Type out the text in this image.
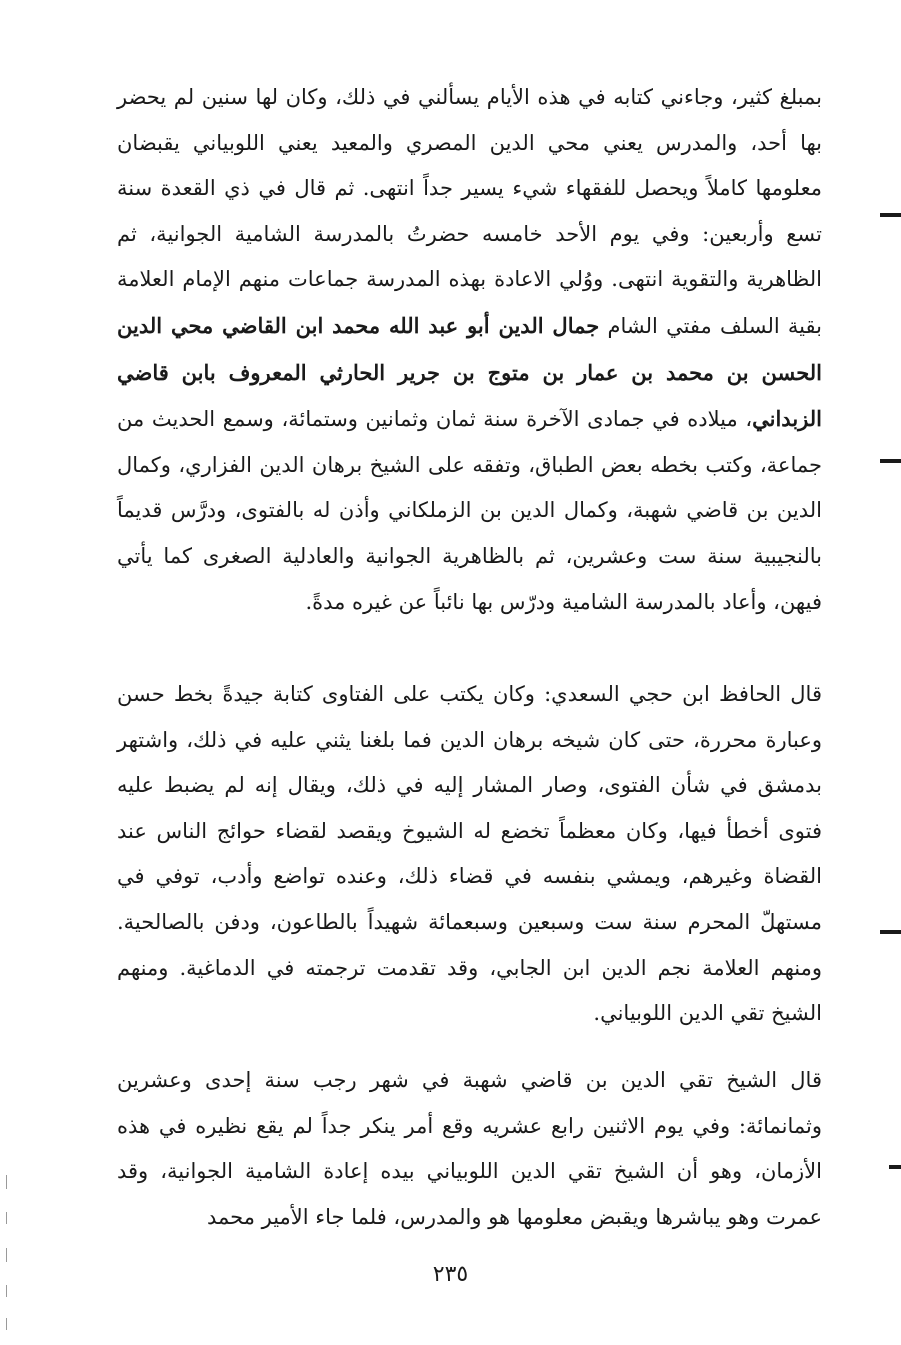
بمبلغ كثير، وجاءني كتابه في هذه الأيام يسألني في ذلك، وكان لها سنين لم يحضر بها أحد، والمدرس يعني محي الدين المصري والمعيد يعني اللوبياني يقبضان معلومها كاملاً ويحصل للفقهاء شيء يسير جداً انتهى. ثم قال في ذي القعدة سنة تسع وأربعين: وفي يوم الأحد خامسه حضرتُ بالمدرسة الشامية الجوانية، ثم الظاهرية والتقوية انتهى. ووُلي الاعادة بهذه المدرسة جماعات منهم الإمام العلامة بقية السلف مفتي الشام جمال الدين أبو عبد الله محمد ابن القاضي محي الدين الحسن بن محمد بن عمار بن متوج بن جرير الحارثي المعروف بابن قاضي الزبداني، ميلاده في جمادى الآخرة سنة ثمان وثمانين وستمائة، وسمع الحديث من جماعة، وكتب بخطه بعض الطباق، وتفقه على الشيخ برهان الدين الفزاري، وكمال الدين بن قاضي شهبة، وكمال الدين بن الزملكاني وأذن له بالفتوى، ودرَّس قديماً بالنجيبية سنة ست وعشرين، ثم بالظاهرية الجوانية والعادلية الصغرى كما يأتي فيهن، وأعاد بالمدرسة الشامية ودرّس بها نائباً عن غيره مدةً.

قال الحافظ ابن حجي السعدي: وكان يكتب على الفتاوى كتابة جيدةً بخط حسن وعبارة محررة، حتى كان شيخه برهان الدين فما بلغنا يثني عليه في ذلك، واشتهر بدمشق في شأن الفتوى، وصار المشار إليه في ذلك، ويقال إنه لم يضبط عليه فتوى أخطأ فيها، وكان معظماً تخضع له الشيوخ ويقصد لقضاء حوائج الناس عند القضاة وغيرهم، ويمشي بنفسه في قضاء ذلك، وعنده تواضع وأدب، توفي في مستهلّ المحرم سنة ست وسبعين وسبعمائة شهيداً بالطاعون، ودفن بالصالحية. ومنهم العلامة نجم الدين ابن الجابي، وقد تقدمت ترجمته في الدماغية. ومنهم الشيخ تقي الدين اللوبياني.

قال الشيخ تقي الدين بن قاضي شهبة في شهر رجب سنة إحدى وعشرين وثمانمائة: وفي يوم الاثنين رابع عشريه وقع أمر ينكر جداً لم يقع نظيره في هذه الأزمان، وهو أن الشيخ تقي الدين اللوبياني بيده إعادة الشامية الجوانية، وقد عمرت وهو يباشرها ويقبض معلومها هو والمدرس، فلما جاء الأمير محمد

٢٣٥
